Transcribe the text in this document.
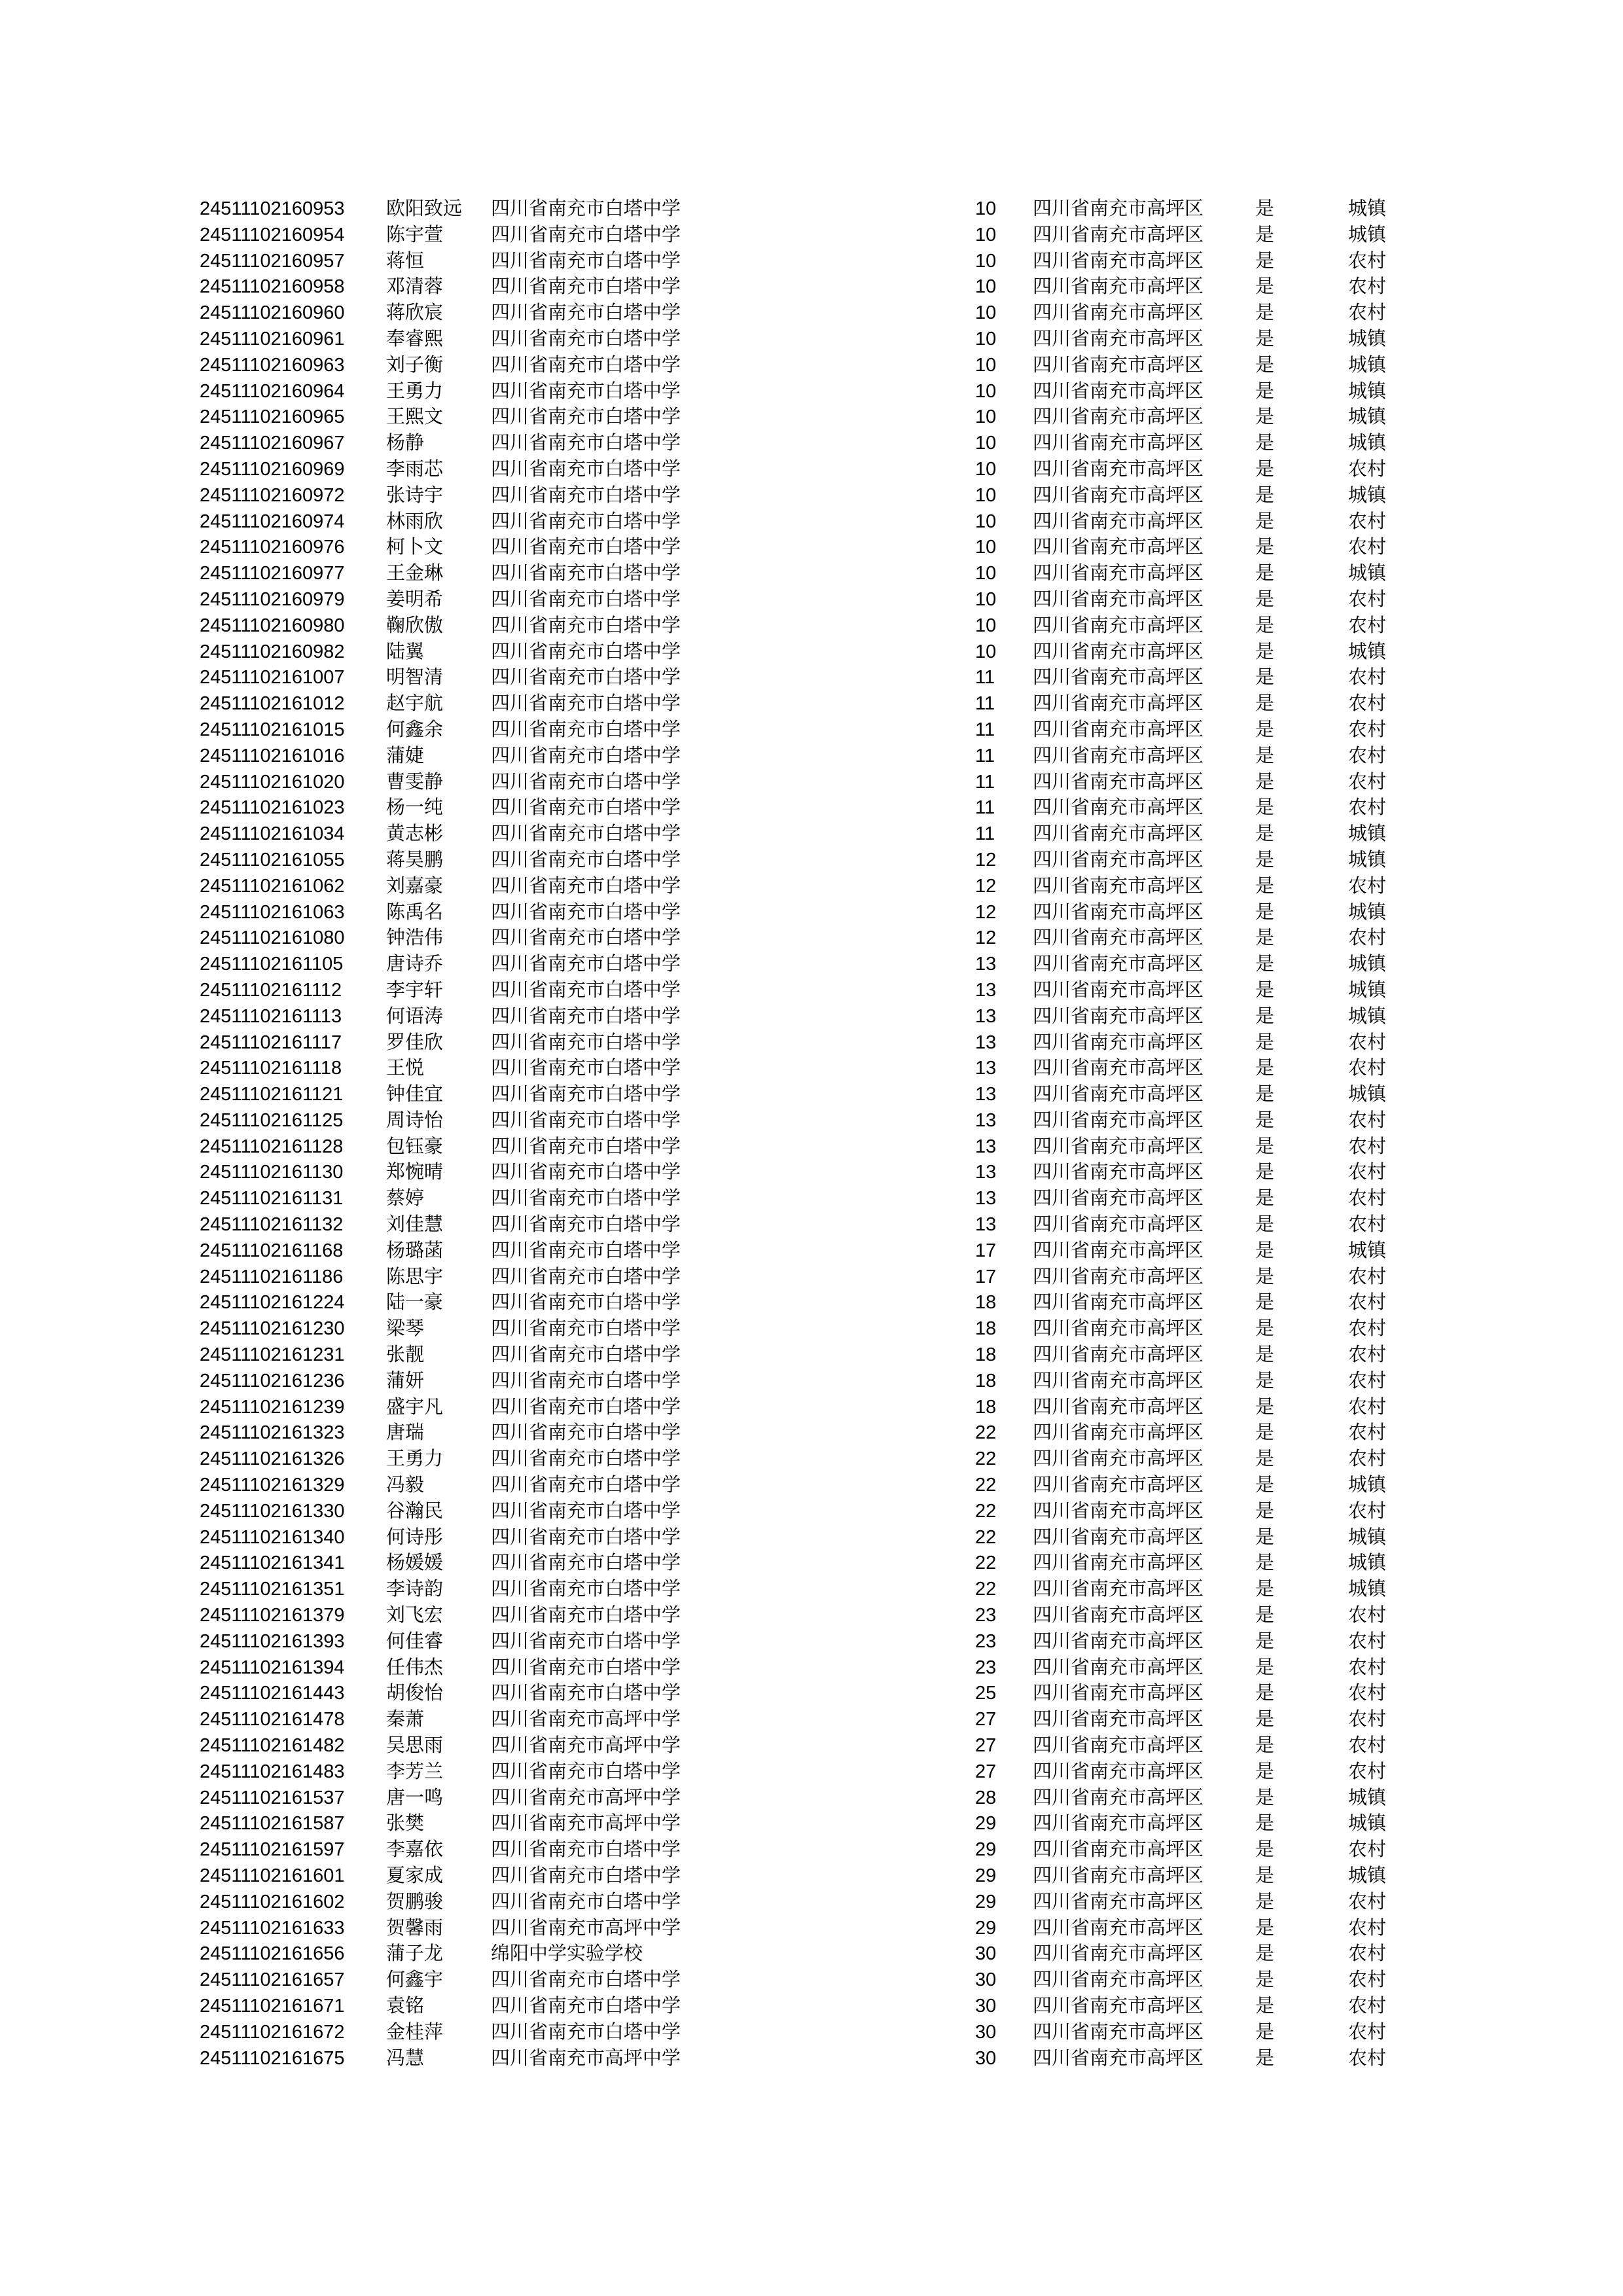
24511102160953 欧阳致远 四川省南充市白塔中学	10 四川省南充市高坪区	是	城镇
24511102160954 陈宇萱	四川省南充市白塔中学	10 四川省南充市高坪区	是	城镇
24511102160957 蒋恒	四川省南充市白塔中学	10 四川省南充市高坪区	是	农村
24511102160958 邓清蓉	四川省南充市白塔中学	10 四川省南充市高坪区	是	农村
24511102160960 蒋欣宸	四川省南充市白塔中学	10 四川省南充市高坪区	是	农村
24511102160961 奉睿熙	四川省南充市白塔中学	10 四川省南充市高坪区	是	城镇
24511102160963 刘子衡	四川省南充市白塔中学	10 四川省南充市高坪区	是	城镇
24511102160964 王勇力	四川省南充市白塔中学	10 四川省南充市高坪区	是	城镇
24511102160965 王熙文	四川省南充市白塔中学	10 四川省南充市高坪区	是	城镇
24511102160967 杨静	四川省南充市白塔中学	10 四川省南充市高坪区	是	城镇
24511102160969 李雨芯	四川省南充市白塔中学	10 四川省南充市高坪区	是	农村
24511102160972 张诗宇	四川省南充市白塔中学	10 四川省南充市高坪区	是	城镇
24511102160974 林雨欣	四川省南充市白塔中学	10 四川省南充市高坪区	是	农村
24511102160976 柯卜文	四川省南充市白塔中学	10 四川省南充市高坪区	是	农村
24511102160977 王金琳	四川省南充市白塔中学	10 四川省南充市高坪区	是	城镇
24511102160979 姜明希	四川省南充市白塔中学	10 四川省南充市高坪区	是	农村
24511102160980 鞠欣傲	四川省南充市白塔中学	10 四川省南充市高坪区	是	农村
24511102160982 陆翼	四川省南充市白塔中学	10 四川省南充市高坪区	是	城镇
24511102161007 明智清	四川省南充市白塔中学	11 四川省南充市高坪区	是	农村
24511102161012 赵宇航	四川省南充市白塔中学	11 四川省南充市高坪区	是	农村
24511102161015 何鑫余	四川省南充市白塔中学	11 四川省南充市高坪区	是	农村
24511102161016 蒲婕	四川省南充市白塔中学	11 四川省南充市高坪区	是	农村
24511102161020 曹雯静	四川省南充市白塔中学	11 四川省南充市高坪区	是	农村
24511102161023 杨一纯	四川省南充市白塔中学	11 四川省南充市高坪区	是	农村
24511102161034 黄志彬	四川省南充市白塔中学	11 四川省南充市高坪区	是	城镇
24511102161055 蒋昊鹏	四川省南充市白塔中学	12 四川省南充市高坪区	是	城镇
24511102161062 刘嘉豪	四川省南充市白塔中学	12 四川省南充市高坪区	是	农村
24511102161063 陈禹名	四川省南充市白塔中学	12 四川省南充市高坪区	是	城镇
24511102161080 钟浩伟	四川省南充市白塔中学	12 四川省南充市高坪区	是	农村
24511102161105 唐诗乔	四川省南充市白塔中学	13 四川省南充市高坪区	是	城镇
24511102161112 李宇轩	四川省南充市白塔中学	13 四川省南充市高坪区	是	城镇
24511102161113 何语涛	四川省南充市白塔中学	13 四川省南充市高坪区	是	城镇
24511102161117 罗佳欣	四川省南充市白塔中学	13 四川省南充市高坪区	是	农村
24511102161118 王悦	四川省南充市白塔中学	13 四川省南充市高坪区	是	农村
24511102161121 钟佳宜	四川省南充市白塔中学	13 四川省南充市高坪区	是	城镇
24511102161125 周诗怡	四川省南充市白塔中学	13 四川省南充市高坪区	是	农村
24511102161128 包钰豪	四川省南充市白塔中学	13 四川省南充市高坪区	是	农村
24511102161130 郑惋晴	四川省南充市白塔中学	13 四川省南充市高坪区	是	农村
24511102161131 蔡婷	四川省南充市白塔中学	13 四川省南充市高坪区	是	农村
24511102161132 刘佳慧	四川省南充市白塔中学	13 四川省南充市高坪区	是	农村
24511102161168 杨璐菡	四川省南充市白塔中学	17 四川省南充市高坪区	是	城镇
24511102161186 陈思宇	四川省南充市白塔中学	17 四川省南充市高坪区	是	农村
24511102161224 陆一豪	四川省南充市白塔中学	18 四川省南充市高坪区	是	农村
24511102161230 梁琴	四川省南充市白塔中学	18 四川省南充市高坪区	是	农村
24511102161231 张靓	四川省南充市白塔中学	18 四川省南充市高坪区	是	农村
24511102161236 蒲妍	四川省南充市白塔中学	18 四川省南充市高坪区	是	农村
24511102161239 盛宇凡	四川省南充市白塔中学	18 四川省南充市高坪区	是	农村
24511102161323 唐瑞	四川省南充市白塔中学	22 四川省南充市高坪区	是	农村
24511102161326 王勇力	四川省南充市白塔中学	22 四川省南充市高坪区	是	农村
24511102161329 冯毅	四川省南充市白塔中学	22 四川省南充市高坪区	是	城镇
24511102161330 谷瀚民	四川省南充市白塔中学	22 四川省南充市高坪区	是	农村
24511102161340 何诗彤	四川省南充市白塔中学	22 四川省南充市高坪区	是	城镇
24511102161341 杨媛媛	四川省南充市白塔中学	22 四川省南充市高坪区	是	城镇
24511102161351 李诗韵	四川省南充市白塔中学	22 四川省南充市高坪区	是	城镇
24511102161379 刘飞宏	四川省南充市白塔中学	23 四川省南充市高坪区	是	农村
24511102161393 何佳睿	四川省南充市白塔中学	23 四川省南充市高坪区	是	农村
24511102161394 任伟杰	四川省南充市白塔中学	23 四川省南充市高坪区	是	农村
24511102161443 胡俊怡	四川省南充市白塔中学	25 四川省南充市高坪区	是	农村
24511102161478 秦萧	四川省南充市高坪中学	27 四川省南充市高坪区	是	农村
24511102161482 吴思雨	四川省南充市高坪中学	27 四川省南充市高坪区	是	农村
24511102161483 李芳兰	四川省南充市白塔中学	27 四川省南充市高坪区	是	农村
24511102161537 唐一鸣	四川省南充市高坪中学	28 四川省南充市高坪区	是	城镇
24511102161587 张樊	四川省南充市高坪中学	29 四川省南充市高坪区	是	城镇
24511102161597 李嘉依	四川省南充市白塔中学	29 四川省南充市高坪区	是	农村
24511102161601 夏家成	四川省南充市白塔中学	29 四川省南充市高坪区	是	城镇
24511102161602 贺鹏骏	四川省南充市白塔中学	29 四川省南充市高坪区	是	农村
24511102161633 贺馨雨	四川省南充市高坪中学	29 四川省南充市高坪区	是	农村
24511102161656 蒲子龙	绵阳中学实验学校	30 四川省南充市高坪区	是	农村
24511102161657 何鑫宇	四川省南充市白塔中学	30 四川省南充市高坪区	是	农村
24511102161671 袁铭	四川省南充市白塔中学	30 四川省南充市高坪区	是	农村
24511102161672 金桂萍	四川省南充市白塔中学	30 四川省南充市高坪区	是	农村
24511102161675 冯慧	四川省南充市高坪中学	30 四川省南充市高坪区	是	农村
